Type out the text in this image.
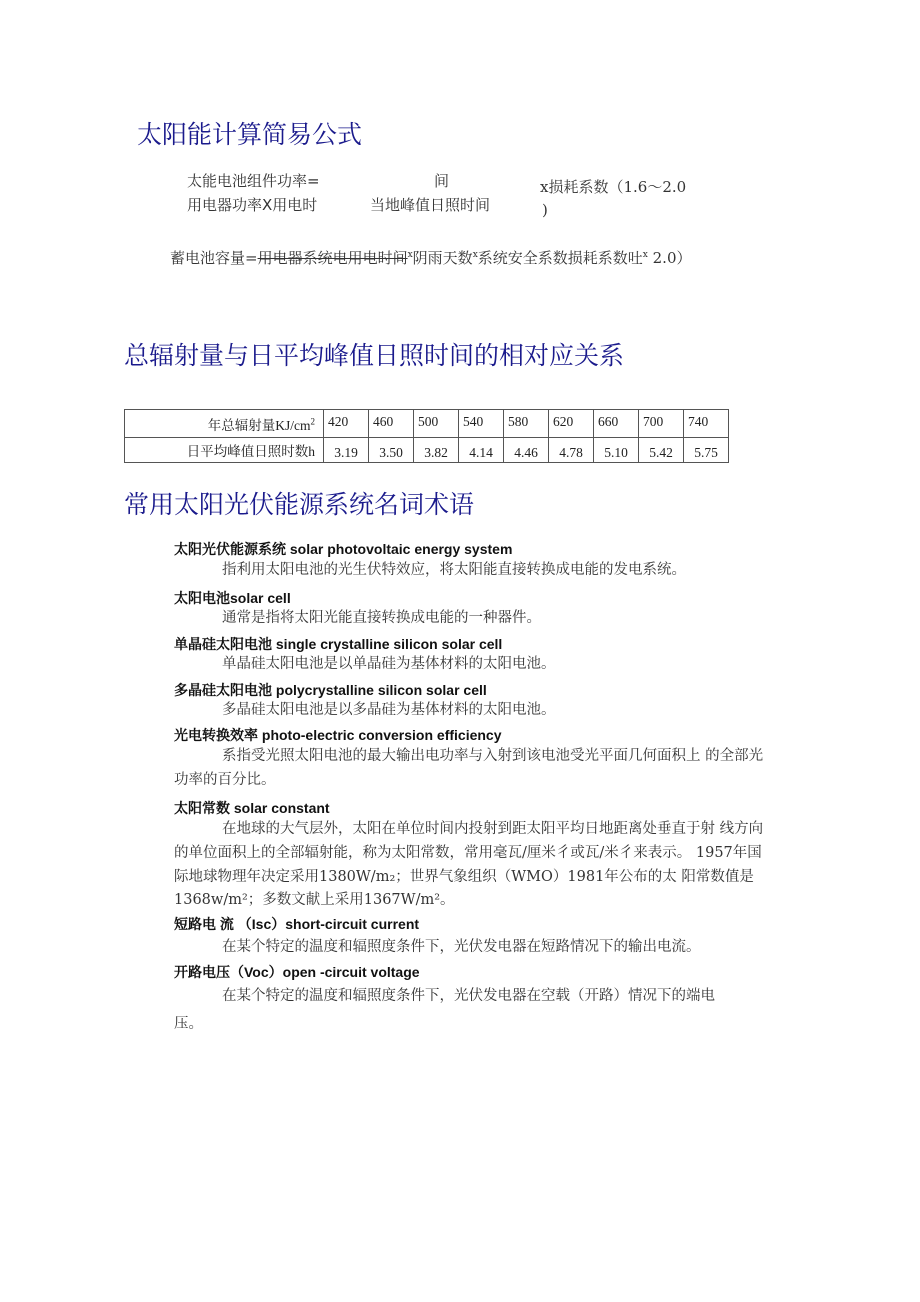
太阳能计算简易公式
太能电池组件功率=	间
用电器功率X用电时	当地峰值日照时间
x损耗系数（1.6〜2.0
)
蓄电池容量=用电器系统电用电时间$^x$阴雨天数$^x$系统安全系数损耗系数吐$^x$ 2.0）
总辐射量与日平均峰值日照时间的相对应关系
年总辐射量$KJ/cm^2$	420	460	500	540	580	620	660	700	740
日平均峰值日照时数h	3.19	3.50	3.82	4.14	4.46	4.78	5.10	5.42	5.75
常用太阳光伏能源系统名词术语
太阳光伏能源系统 solar photovoltaic energy system
指利用太阳电池的光生伏特效应，将太阳能直接转换成电能的发电系统。
太阳电池solar cell
通常是指将太阳光能直接转换成电能的一种器件。
单晶硅太阳电池 single crystalline silicon solar cell
单晶硅太阳电池是以单晶硅为基体材料的太阳电池。
多晶硅太阳电池 polycrystalline silicon solar cell
多晶硅太阳电池是以多晶硅为基体材料的太阳电池。
光电转换效率 photo-electric conversion efficiency
系指受光照太阳电池的最大输出电功率与入射到该电池受光平面几何面积上 的全部光
功率的百分比。
太阳常数 solar constant
在地球的大气层外，太阳在单位时间内投射到距太阳平均日地距离处垂直于射 线方向
的单位面积上的全部辐射能，称为太阳常数，常用毫瓦/厘米彳或瓦/米彳来表示。 1957年国
际地球物理年决定采用1380W/m₂；世界气象组织（WMO）1981年公布的太 阳常数值是
1368w/m²；多数文献上采用1367W/m²。
短路电 流 （Isc）short-circuit current
在某个特定的温度和辐照度条件下，光伏发电器在短路情况下的输出电流。
开路电压（Voc）open -circuit voltage
在某个特定的温度和辐照度条件下，光伏发电器在空载（开路）情况下的端电
压。
